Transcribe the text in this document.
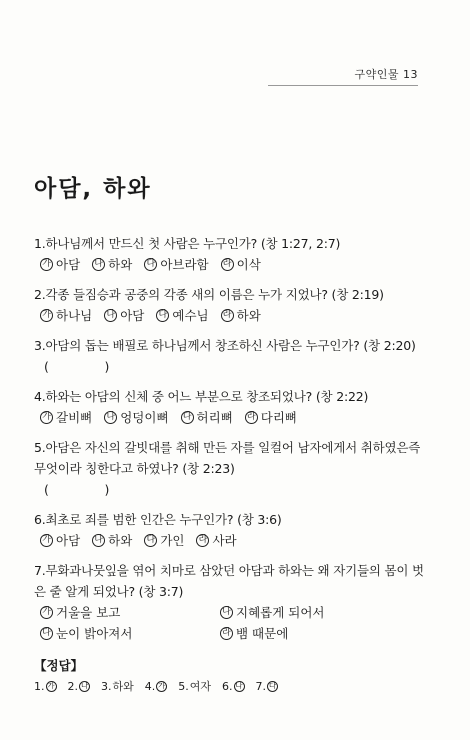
구약인물 13
아담, 하와
1.하나님께서 만드신 첫 사람은 누구인가? (창 1:27, 2:7)
가 아담 나 하와 다 아브라함 라 이삭
2.각종 들짐승과 공중의 각종 새의 이름은 누가 지었나? (창 2:19)
가 하나님 나 아담 다 예수님 라 하와
3.아담의 돕는 배필로 하나님께서 창조하신 사람은 누구인가? (창 2:20)
(              )
4.하와는 아담의 신체 중 어느 부분으로 창조되었나? (창 2:22)
가 갈비뼈 나 엉덩이뼈 다 허리뼈 라 다리뼈
5.아담은 자신의 갈빗대를 취해 만든 자를 일컬어 남자에게서 취하였은즉 무엇이라 칭한다고 하였나? (창 2:23)
(              )
6.최초로 죄를 범한 인간은 누구인가? (창 3:6)
가 아담 나 하와 다 가인 라 사라
7.무화과나뭇잎을 엮어 치마로 삼았던 아담과 하와는 왜 자기들의 몸이 벗은 줄 알게 되었나? (창 3:7)
가 거울을 보고	나 지혜롭게 되어서
다 눈이 밝아져서	라 뱀 때문에
【정답】
1. 가 2. 나 3. 하와 4. 가 5. 여자 6. 나 7. 다
